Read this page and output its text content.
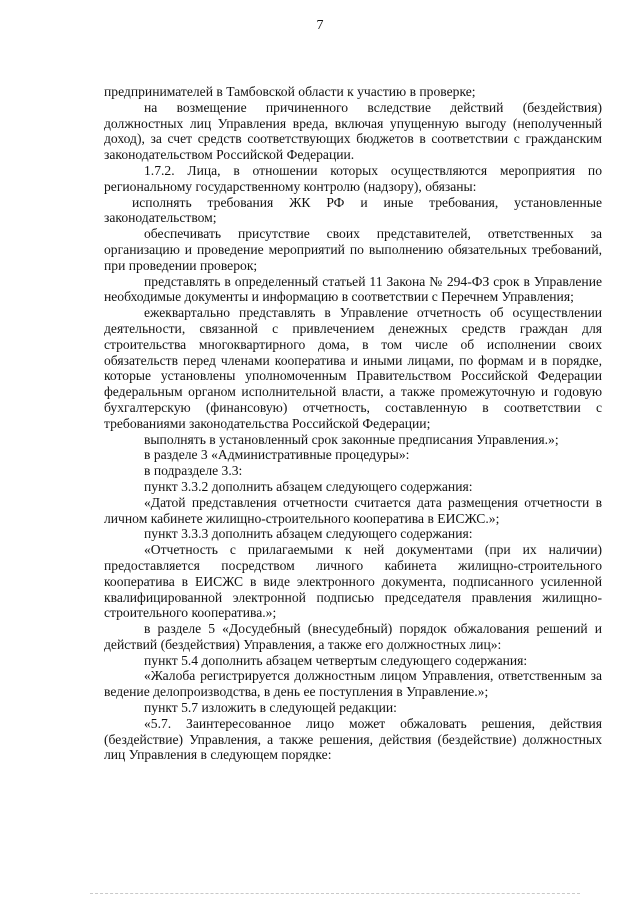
7

предпринимателей в Тамбовской области к участию в проверке;

на возмещение причиненного вследствие действий (бездействия) должностных лиц Управления вреда, включая упущенную выгоду (неполученный доход), за счет средств соответствующих бюджетов в соответствии с гражданским законодательством Российской Федерации.

1.7.2. Лица, в отношении которых осуществляются мероприятия по региональному государственному контролю (надзору), обязаны:

исполнять требования ЖК РФ и иные требования, установленные законодательством;

обеспечивать присутствие своих представителей, ответственных за организацию и проведение мероприятий по выполнению обязательных требований, при проведении проверок;

представлять в определенный статьей 11 Закона № 294-ФЗ срок в Управление необходимые документы и информацию в соответствии с Перечнем Управления;

ежеквартально представлять в Управление отчетность об осуществлении деятельности, связанной с привлечением денежных средств граждан для строительства многоквартирного дома, в том числе об исполнении своих обязательств перед членами кооператива и иными лицами, по формам и в порядке, которые установлены уполномоченным Правительством Российской Федерации федеральным органом исполнительной власти, а также промежуточную и годовую бухгалтерскую (финансовую) отчетность, составленную в соответствии с требованиями законодательства Российской Федерации;

выполнять в установленный срок законные предписания Управления.»;

в разделе 3 «Административные процедуры»:

в подразделе 3.3:

пункт 3.3.2 дополнить абзацем следующего содержания:

«Датой представления отчетности считается дата размещения отчетности в личном кабинете жилищно-строительного кооператива в ЕИСЖС.»;

пункт 3.3.3 дополнить абзацем следующего содержания:

«Отчетность с прилагаемыми к ней документами (при их наличии) предоставляется посредством личного кабинета жилищно-строительного кооператива в ЕИСЖС в виде электронного документа, подписанного усиленной квалифицированной электронной подписью председателя правления жилищно-строительного кооператива.»;

в разделе 5 «Досудебный (внесудебный) порядок обжалования решений и действий (бездействия) Управления, а также его должностных лиц»:

пункт 5.4 дополнить абзацем четвертым следующего содержания:

«Жалоба регистрируется должностным лицом Управления, ответственным за ведение делопроизводства, в день ее поступления в Управление.»;

пункт 5.7 изложить в следующей редакции:

«5.7. Заинтересованное лицо может обжаловать решения, действия (бездействие) Управления, а также решения, действия (бездействие) должностных лиц Управления в следующем порядке:
